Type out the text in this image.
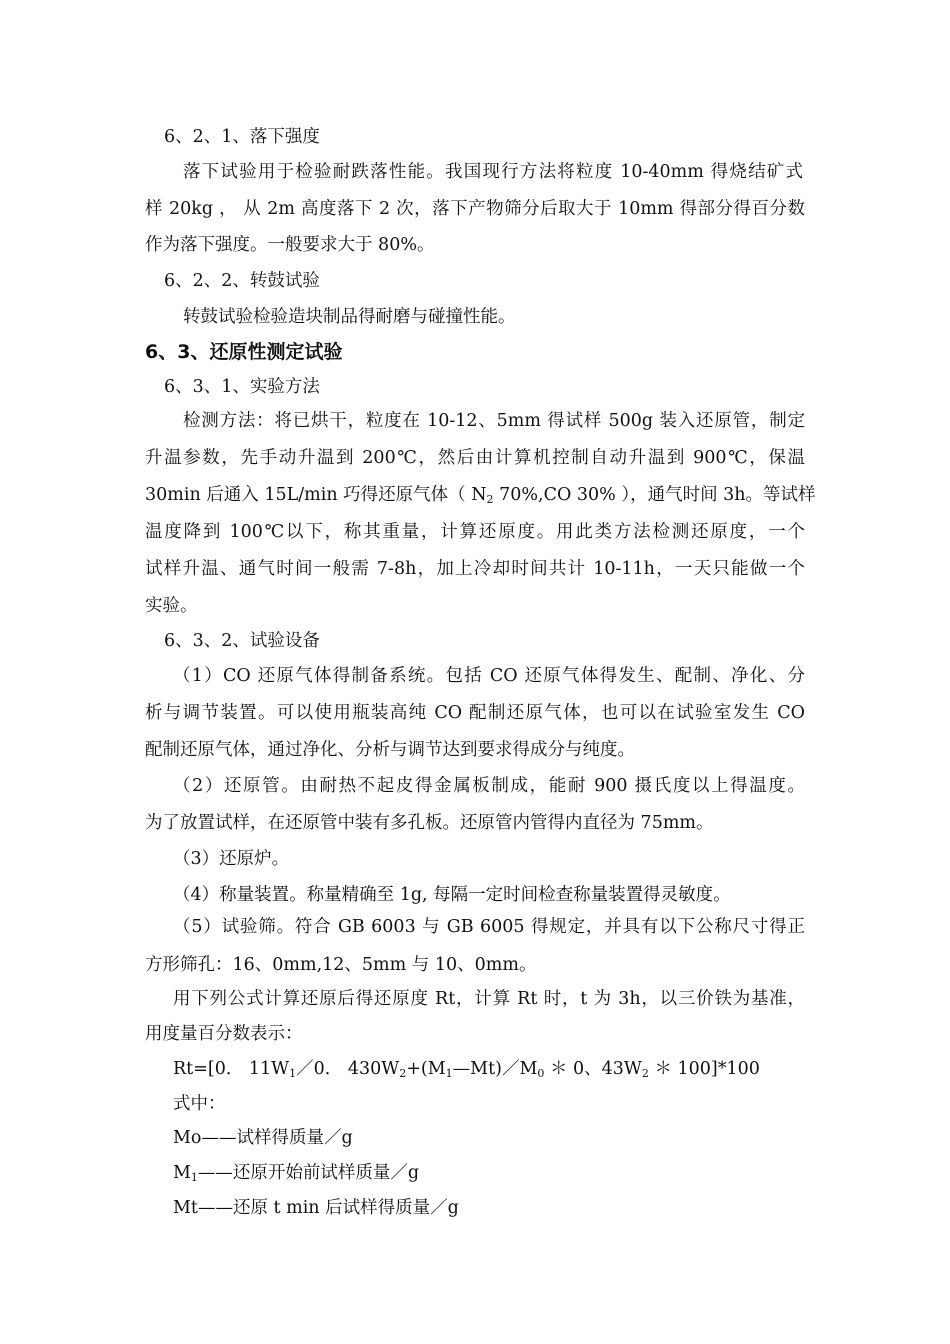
6、2、1、落下强度
落下试验用于检验耐跌落性能。我国现行方法将粒度 10-40mm 得烧结矿式
样 20kg ， 从 2m 高度落下 2 次，落下产物筛分后取大于 10mm 得部分得百分数
作为落下强度。一般要求大于 80%。
6、2、2、转鼓试验
转鼓试验检验造块制品得耐磨与碰撞性能。
6、3、还原性测定试验
6、3、1、实验方法
检测方法：将已烘干，粒度在 10-12、5mm 得试样 500g 装入还原管，制定
升温参数，先手动升温到 200℃，然后由计算机控制自动升温到 900℃，保温
30min 后通入 15L/min 巧得还原气体（ $N_2$ 70%,CO 30% ），通气时间 3h。等试样
温度降到 100℃以下，称其重量，计算还原度。用此类方法检测还原度，一个
试样升温、通气时间一般需 7-8h，加上冷却时间共计 10-11h，一天只能做一个
实验。
6、3、2、试验设备
（1）CO 还原气体得制备系统。包括 CO 还原气体得发生、配制、净化、分
析与调节装置。可以使用瓶装高纯 CO 配制还原气体，也可以在试验室发生 CO
配制还原气体，通过净化、分析与调节达到要求得成分与纯度。
（2）还原管。由耐热不起皮得金属板制成，能耐 900 摄氏度以上得温度。
为了放置试样，在还原管中装有多孔板。还原管内管得内直径为 75mm。
（3）还原炉。
（4）称量装置。称量精确至 1g, 每隔一定时间检查称量装置得灵敏度。
（5）试验筛。符合 GB 6003 与 GB 6005 得规定，并具有以下公称尺寸得正
方形筛孔：16、0mm,12、5mm 与 10、0mm。
用下列公式计算还原后得还原度 Rt，计算 Rt 时，t 为 3h，以三价铁为基准，
用度量百分数表示：
Rt=[0． $11W_1/0$． $430W_2+(M_1—Mt)/M_0$ ＊ 0、$43W_2$ ＊ 100]*100
式中：
Mo——试样得质量／g
$M_1——$还原开始前试样质量／g
Mt——还原 t min 后试样得质量／g
